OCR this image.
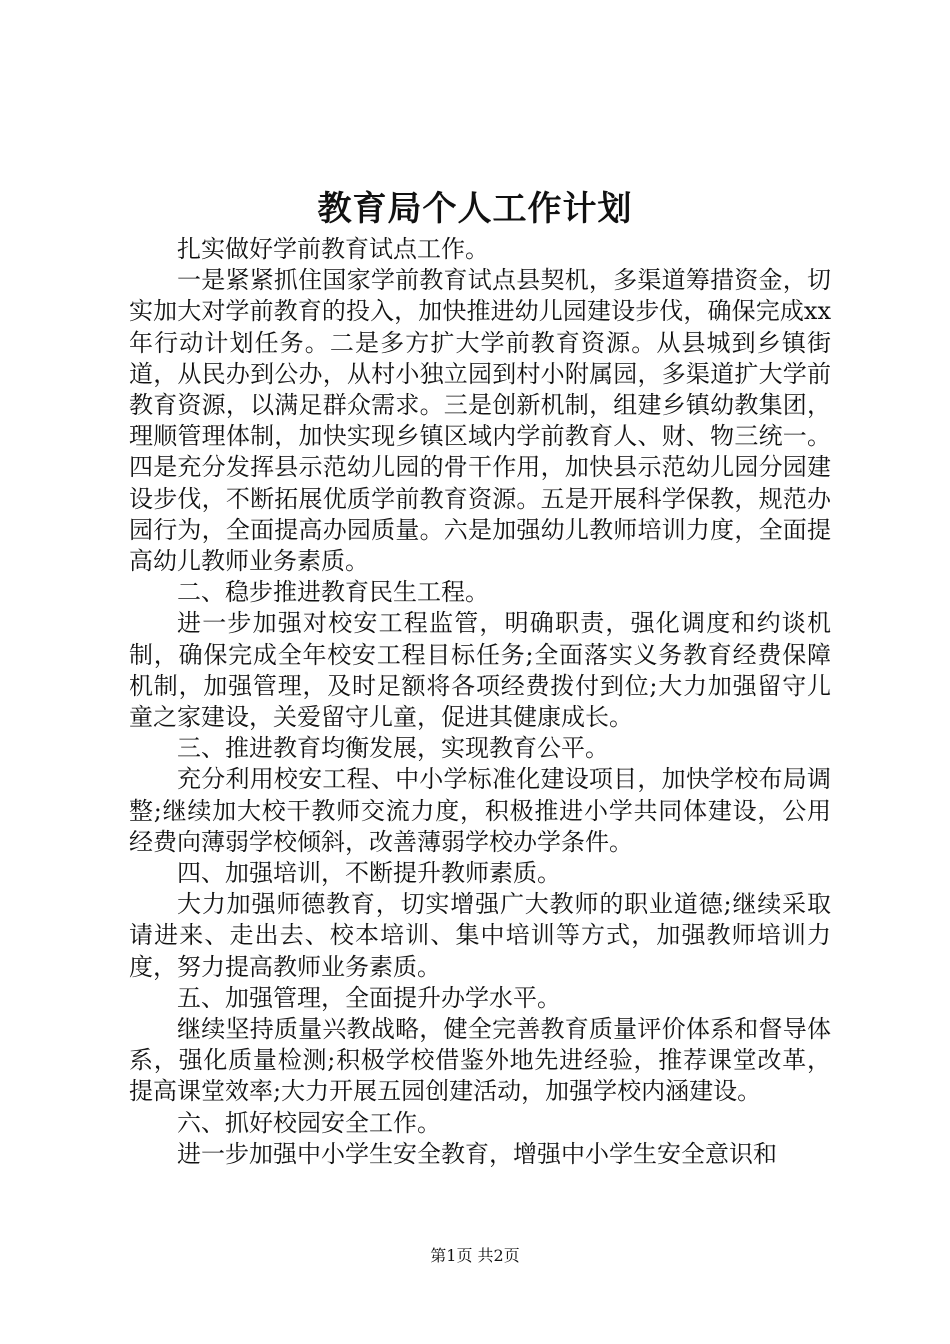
教育局个人工作计划

扎实做好学前教育试点工作。

一是紧紧抓住国家学前教育试点县契机，多渠道筹措资金，切实加大对学前教育的投入，加快推进幼儿园建设步伐，确保完成xx年行动计划任务。二是多方扩大学前教育资源。从县城到乡镇街道，从民办到公办，从村小独立园到村小附属园，多渠道扩大学前教育资源，以满足群众需求。三是创新机制，组建乡镇幼教集团，理顺管理体制，加快实现乡镇区域内学前教育人、财、物三统一。四是充分发挥县示范幼儿园的骨干作用，加快县示范幼儿园分园建设步伐，不断拓展优质学前教育资源。五是开展科学保教，规范办园行为，全面提高办园质量。六是加强幼儿教师培训力度，全面提高幼儿教师业务素质。

二、稳步推进教育民生工程。

进一步加强对校安工程监管，明确职责，强化调度和约谈机制，确保完成全年校安工程目标任务;全面落实义务教育经费保障机制，加强管理，及时足额将各项经费拨付到位;大力加强留守儿童之家建设，关爱留守儿童，促进其健康成长。

三、推进教育均衡发展，实现教育公平。

充分利用校安工程、中小学标准化建设项目，加快学校布局调整;继续加大校干教师交流力度，积极推进小学共同体建设，公用经费向薄弱学校倾斜，改善薄弱学校办学条件。

四、加强培训，不断提升教师素质。

大力加强师德教育，切实增强广大教师的职业道德;继续采取请进来、走出去、校本培训、集中培训等方式，加强教师培训力度，努力提高教师业务素质。

五、加强管理，全面提升办学水平。

继续坚持质量兴教战略，健全完善教育质量评价体系和督导体系，强化质量检测;积极学校借鉴外地先进经验，推荐课堂改革，提高课堂效率;大力开展五园创建活动，加强学校内涵建设。

六、抓好校园安全工作。

进一步加强中小学生安全教育，增强中小学生安全意识和

第1页 共2页
